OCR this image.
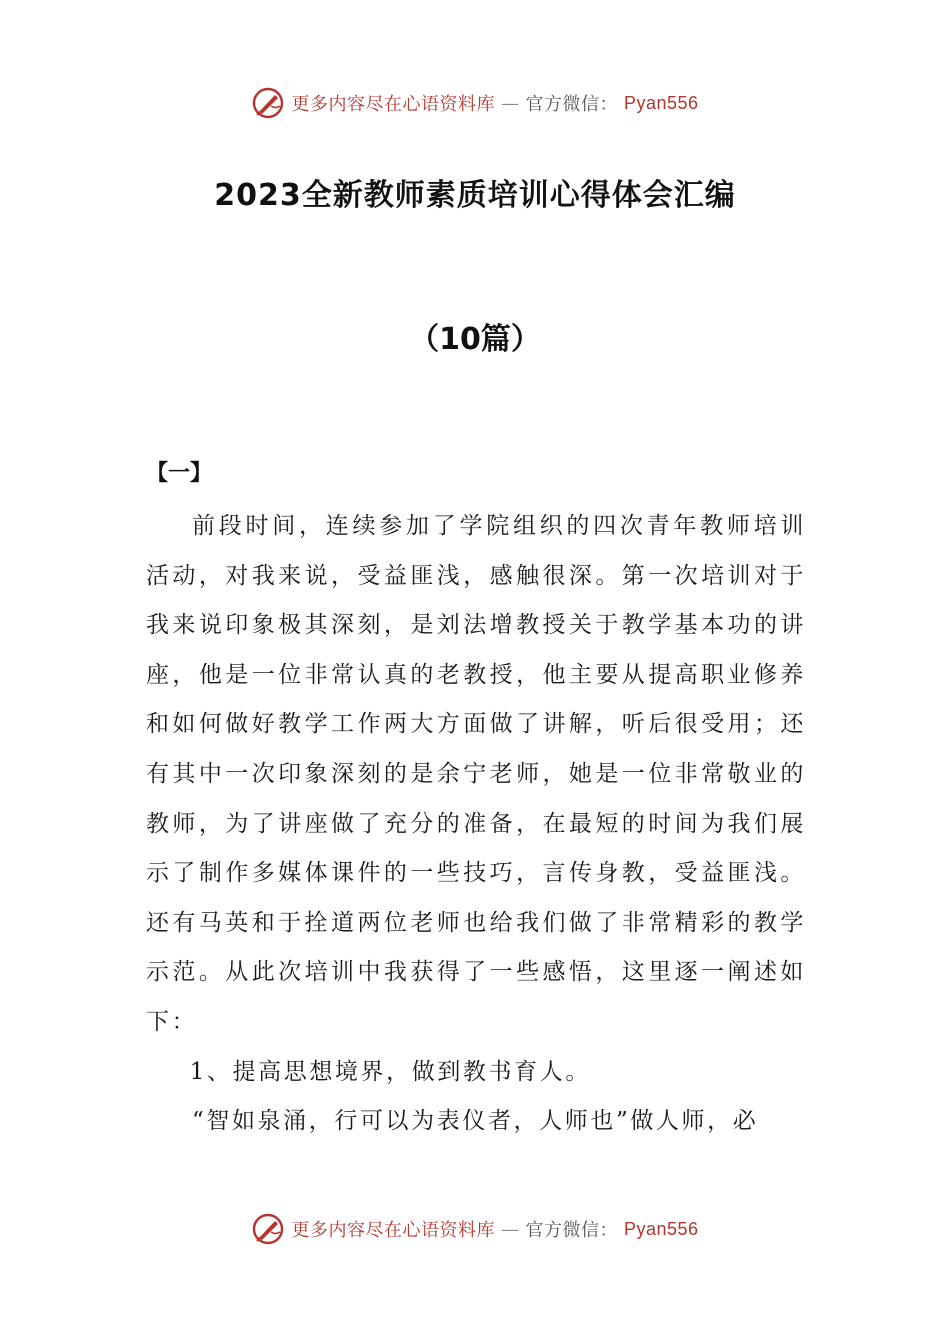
更多内容尽在心语资料库 — 官方微信： Pyan556
2023全新教师素质培训心得体会汇编
（10篇）
【一】

前段时间，连续参加了学院组织的四次青年教师培训活动，对我来说，受益匪浅，感触很深。第一次培训对于我来说印象极其深刻，是刘法增教授关于教学基本功的讲座，他是一位非常认真的老教授，他主要从提高职业修养和如何做好教学工作两大方面做了讲解，听后很受用；还有其中一次印象深刻的是余宁老师，她是一位非常敬业的教师，为了讲座做了充分的准备，在最短的时间为我们展示了制作多媒体课件的一些技巧，言传身教，受益匪浅。还有马英和于拴道两位老师也给我们做了非常精彩的教学示范。从此次培训中我获得了一些感悟，这里逐一阐述如下：

1、提高思想境界，做到教书育人。

“智如泉涌，行可以为表仪者，人师也”做人师，必

更多内容尽在心语资料库 — 官方微信： Pyan556
